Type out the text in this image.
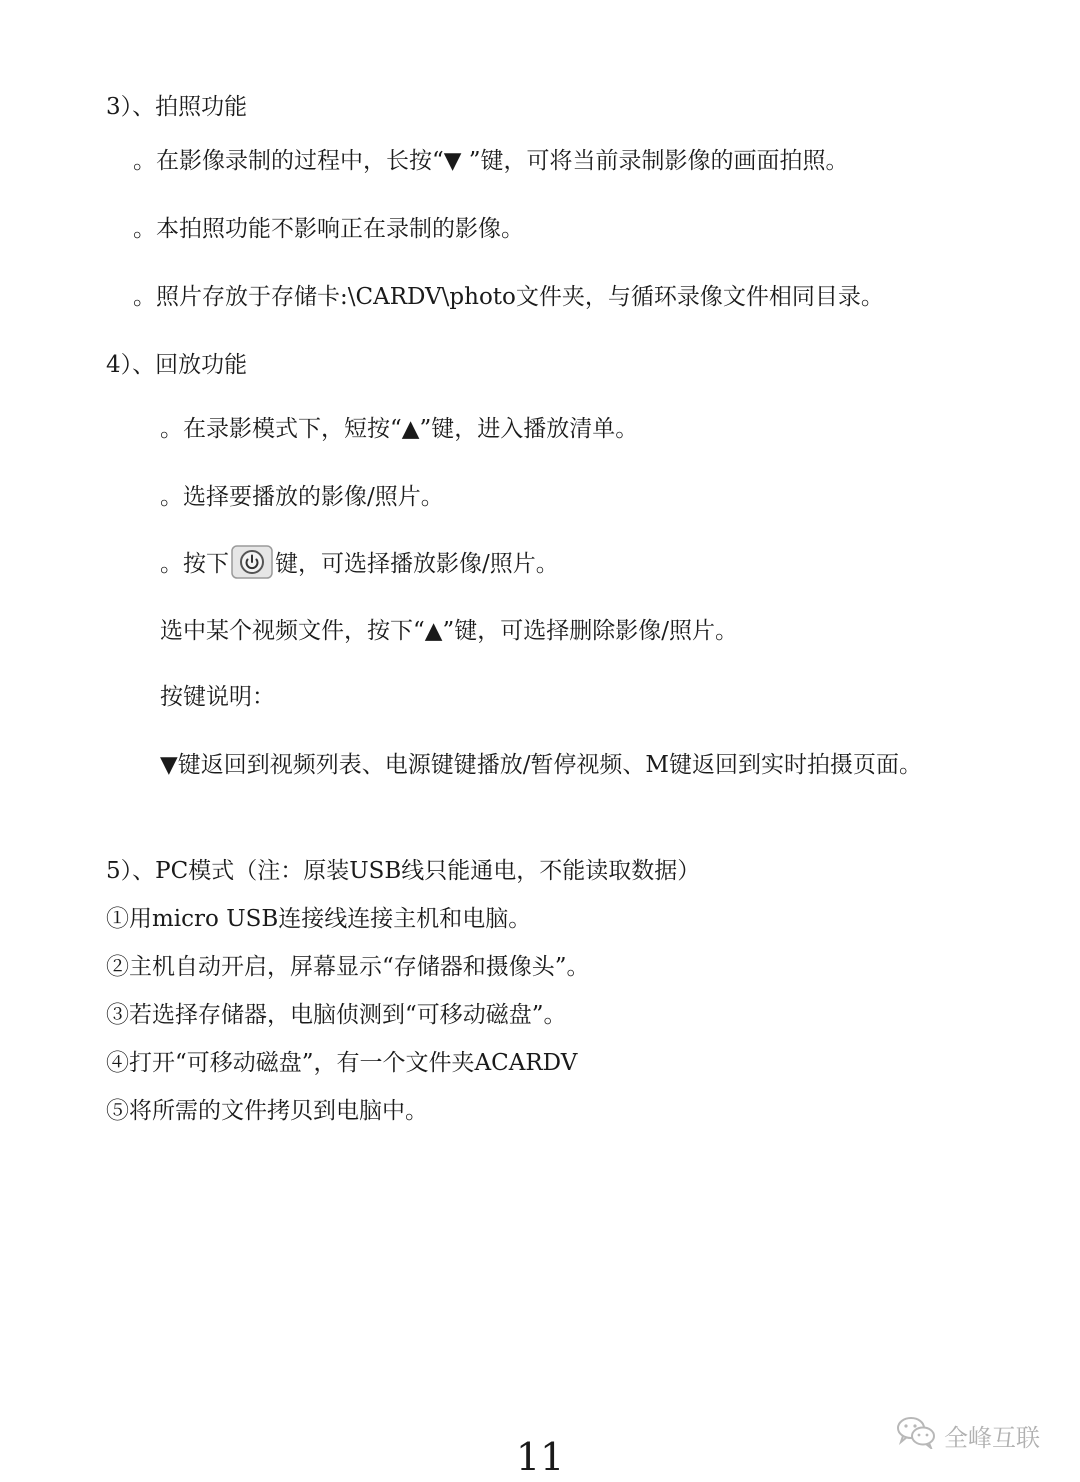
3）、拍照功能
。在影像录制的过程中，长按“▼ ”键，可将当前录制影像的画面拍照。
。本拍照功能不影响正在录制的影像。
。照片存放于存储卡:\CARDV\photo文件夹，与循环录像文件相同目录。
4）、回放功能
。在录影模式下，短按“▲”键，进入播放清单。
。选择要播放的影像/照片。
。按下 键，可选择播放影像/照片。
选中某个视频文件，按下“▲”键，可选择删除影像/照片。
按键说明：
▼键返回到视频列表、电源键键播放/暂停视频、M键返回到实时拍摄页面。
5）、PC模式（注：原装USB线只能通电，不能读取数据）
①用micro USB连接线连接主机和电脑。
②主机自动开启，屏幕显示“存储器和摄像头”。
③若选择存储器，电脑侦测到“可移动磁盘”。
④打开“可移动磁盘”，有一个文件夹ACARDV
⑤将所需的文件拷贝到电脑中。
11	全峰互联
